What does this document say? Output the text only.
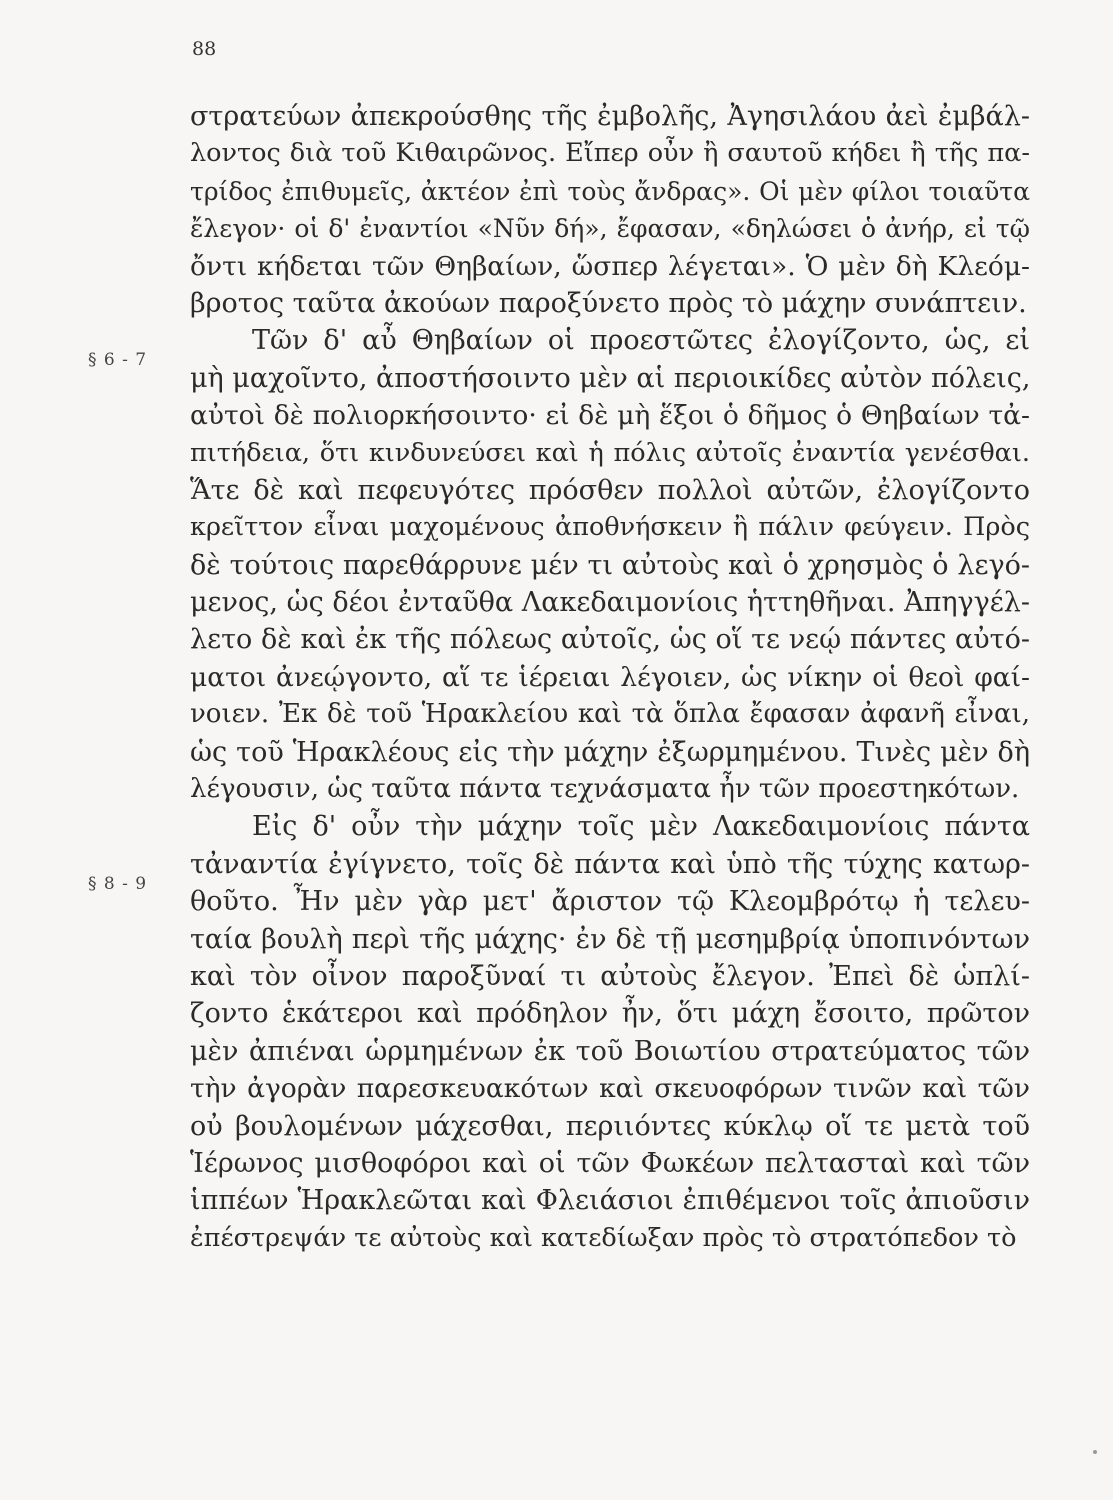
88
§ 6 - 7
§ 8 - 9
στρατεύων ἀπεκρούσθης τῆς ἐμβολῆς, Ἀγησιλάου ἀεὶ ἐμβάλ-
λοντος διὰ τοῦ Κιθαιρῶνος. Εἴπερ οὖν ἢ σαυτοῦ κήδει ἢ τῆς πα-
τρίδος ἐπιθυμεῖς, ἀκτέον ἐπὶ τοὺς ἄνδρας». Οἱ μὲν φίλοι τοιαῦτα
ἔλεγον· οἱ δ' ἐναντίοι «Νῦν δή», ἔφασαν, «δηλώσει ὁ ἀνήρ, εἰ τῷ
ὄντι κήδεται τῶν Θηβαίων, ὥσπερ λέγεται». Ὁ μὲν δὴ Κλεόμ-
βροτος ταῦτα ἀκούων παροξύνετο πρὸς τὸ μάχην συνάπτειν.
Τῶν δ' αὖ Θηβαίων οἱ προεστῶτες ἐλογίζοντο, ὡς, εἰ
μὴ μαχοῖντο, ἀποστήσοιντο μὲν αἱ περιοικίδες αὐτὸν πόλεις,
αὐτοὶ δὲ πολιορκήσοιντο· εἰ δὲ μὴ ἕξοι ὁ δῆμος ὁ Θηβαίων τἀ-
πιτήδεια, ὅτι κινδυνεύσει καὶ ἡ πόλις αὐτοῖς ἐναντία γενέσθαι.
Ἅτε δὲ καὶ πεφευγότες πρόσθεν πολλοὶ αὐτῶν, ἐλογίζοντο
κρεῖττον εἶναι μαχομένους ἀποθνήσκειν ἢ πάλιν φεύγειν. Πρὸς
δὲ τούτοις παρεθάρρυνε μέν τι αὐτοὺς καὶ ὁ χρησμὸς ὁ λεγό-
μενος, ὡς δέοι ἐνταῦθα Λακεδαιμονίοις ἡττηθῆναι. Ἀπηγγέλ-
λετο δὲ καὶ ἐκ τῆς πόλεως αὐτοῖς, ὡς οἵ τε νεῴ πάντες αὐτό-
ματοι ἀνεῴγοντο, αἵ τε ἱέρειαι λέγοιεν, ὡς νίκην οἱ θεοὶ φαί-
νοιεν. Ἐκ δὲ τοῦ Ἡρακλείου καὶ τὰ ὅπλα ἔφασαν ἀφανῆ εἶναι,
ὡς τοῦ Ἡρακλέους εἰς τὴν μάχην ἐξωρμημένου. Τινὲς μὲν δὴ
λέγουσιν, ὡς ταῦτα πάντα τεχνάσματα ἦν τῶν προεστηκότων.
Εἰς δ' οὖν τὴν μάχην τοῖς μὲν Λακεδαιμονίοις πάντα
τἀναντία ἐγίγνετο, τοῖς δὲ πάντα καὶ ὑπὸ τῆς τύχης κατωρ-
θοῦτο. Ἦν μὲν γὰρ μετ' ἄριστον τῷ Κλεομβρότῳ ἡ τελευ-
ταία βουλὴ περὶ τῆς μάχης· ἐν δὲ τῇ μεσημβρίᾳ ὑποπινόντων
καὶ τὸν οἶνον παροξῦναί τι αὐτοὺς ἔλεγον. Ἐπεὶ δὲ ὡπλί-
ζοντο ἑκάτεροι καὶ πρόδηλον ἦν, ὅτι μάχη ἔσοιτο, πρῶτον
μὲν ἀπιέναι ὡρμημένων ἐκ τοῦ Βοιωτίου στρατεύματος τῶν
τὴν ἀγορὰν παρεσκευακότων καὶ σκευοφόρων τινῶν καὶ τῶν
οὐ βουλομένων μάχεσθαι, περιιόντες κύκλῳ οἵ τε μετὰ τοῦ
Ἱέρωνος μισθοφόροι καὶ οἱ τῶν Φωκέων πελτασταὶ καὶ τῶν
ἱππέων Ἡρακλεῶται καὶ Φλειάσιοι ἐπιθέμενοι τοῖς ἀπιοῦσιν
ἐπέστρεψάν τε αὐτοὺς καὶ κατεδίωξαν πρὸς τὸ στρατόπεδον τὸ
